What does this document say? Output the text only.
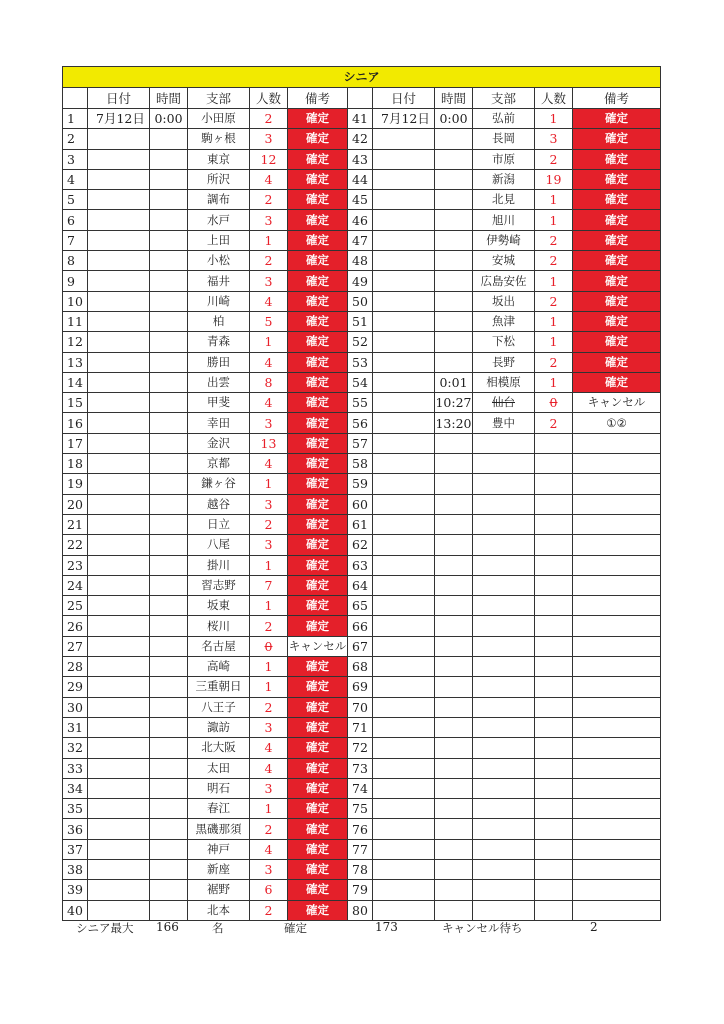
シニア											
	日付	時間	支部	人数	備考		日付	時間	支部	人数	備考
1	7月12日	0:00	小田原	2	確定	41	7月12日	0:00	弘前	1	確定
2			駒ヶ根	3	確定	42			長岡	3	確定
3			東京	12	確定	43			市原	2	確定
4			所沢	4	確定	44			新潟	19	確定
5			調布	2	確定	45			北見	1	確定
6			水戸	3	確定	46			旭川	1	確定
7			上田	1	確定	47			伊勢崎	2	確定
8			小松	2	確定	48			安城	2	確定
9			福井	3	確定	49			広島安佐	1	確定
10			川崎	4	確定	50			坂出	2	確定
11			柏	5	確定	51			魚津	1	確定
12			青森	1	確定	52			下松	1	確定
13			勝田	4	確定	53			長野	2	確定
14			出雲	8	確定	54		0:01	相模原	1	確定
15			甲斐	4	確定	55		10:27	仙台	0	キャンセル
16			幸田	3	確定	56		13:20	豊中	2	①②
17			金沢	13	確定	57					
18			京都	4	確定	58					
19			鎌ヶ谷	1	確定	59					
20			越谷	3	確定	60					
21			日立	2	確定	61					
22			八尾	3	確定	62					
23			掛川	1	確定	63					
24			習志野	7	確定	64					
25			坂東	1	確定	65					
26			桜川	2	確定	66					
27			名古屋	0	キャンセル	67					
28			高崎	1	確定	68					
29			三重朝日	1	確定	69					
30			八王子	2	確定	70					
31			諏訪	3	確定	71					
32			北大阪	4	確定	72					
33			太田	4	確定	73					
34			明石	3	確定	74					
35			春江	1	確定	75					
36			黒磯那須	2	確定	76					
37			神戸	4	確定	77					
38			新座	3	確定	78					
39			裾野	6	確定	79					
40			北本	2	確定	80					
シニア最大 166	名	確定	173	キャンセル待ち	2
